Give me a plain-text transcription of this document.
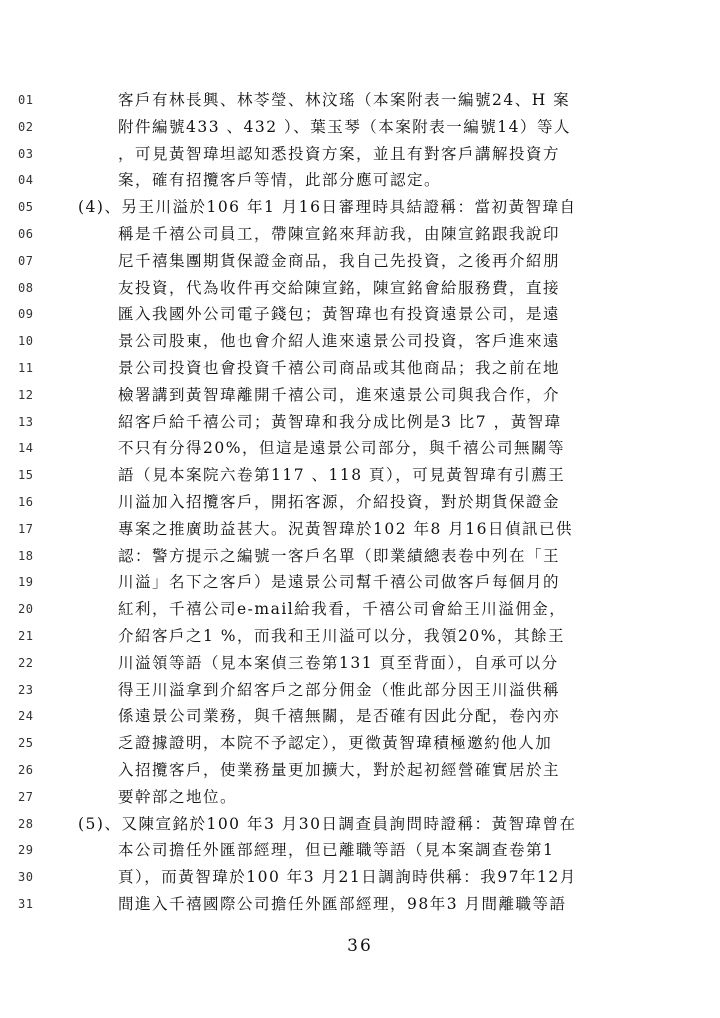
01	客戶有林長興、林苓瑩、林汶瑤（本案附表一編號24、H 案
02	附件編號433 、432 ）、葉玉琴（本案附表一編號14）等人
03	，可見黃智瑋坦認知悉投資方案，並且有對客戶講解投資方
04	案，確有招攬客戶等情，此部分應可認定。
05	(4)、另王川溢於106 年1 月16日審理時具結證稱：當初黃智瑋自
06	稱是千禧公司員工，帶陳宣銘來拜訪我，由陳宣銘跟我說印
07	尼千禧集團期貨保證金商品，我自己先投資，之後再介紹朋
08	友投資，代為收件再交給陳宣銘，陳宣銘會給服務費，直接
09	匯入我國外公司電子錢包；黃智瑋也有投資遠景公司，是遠
10	景公司股東，他也會介紹人進來遠景公司投資，客戶進來遠
11	景公司投資也會投資千禧公司商品或其他商品；我之前在地
12	檢署講到黃智瑋離開千禧公司，進來遠景公司與我合作，介
13	紹客戶給千禧公司；黃智瑋和我分成比例是3 比7 ，黃智瑋
14	不只有分得20%，但這是遠景公司部分，與千禧公司無關等
15	語（見本案院六卷第117 、118 頁），可見黃智瑋有引薦王
16	川溢加入招攬客戶，開拓客源，介紹投資，對於期貨保證金
17	專案之推廣助益甚大。況黃智瑋於102 年8 月16日偵訊已供
18	認：警方提示之編號一客戶名單（即業績總表卷中列在「王
19	川溢」名下之客戶）是遠景公司幫千禧公司做客戶每個月的
20	紅利，千禧公司e-mail給我看，千禧公司會給王川溢佣金，
21	介紹客戶之1 %，而我和王川溢可以分，我領20%，其餘王
22	川溢領等語（見本案偵三卷第131 頁至背面），自承可以分
23	得王川溢拿到介紹客戶之部分佣金（惟此部分因王川溢供稱
24	係遠景公司業務，與千禧無關，是否確有因此分配，卷內亦
25	乏證據證明，本院不予認定），更徵黃智瑋積極邀約他人加
26	入招攬客戶，使業務量更加擴大，對於起初經營確實居於主
27	要幹部之地位。
28	(5)、又陳宣銘於100 年3 月30日調查員詢問時證稱：黃智瑋曾在
29	本公司擔任外匯部經理，但已離職等語（見本案調查卷第1
30	頁），而黃智瑋於100 年3 月21日調詢時供稱：我97年12月
31	間進入千禧國際公司擔任外匯部經理，98年3 月間離職等語
36
